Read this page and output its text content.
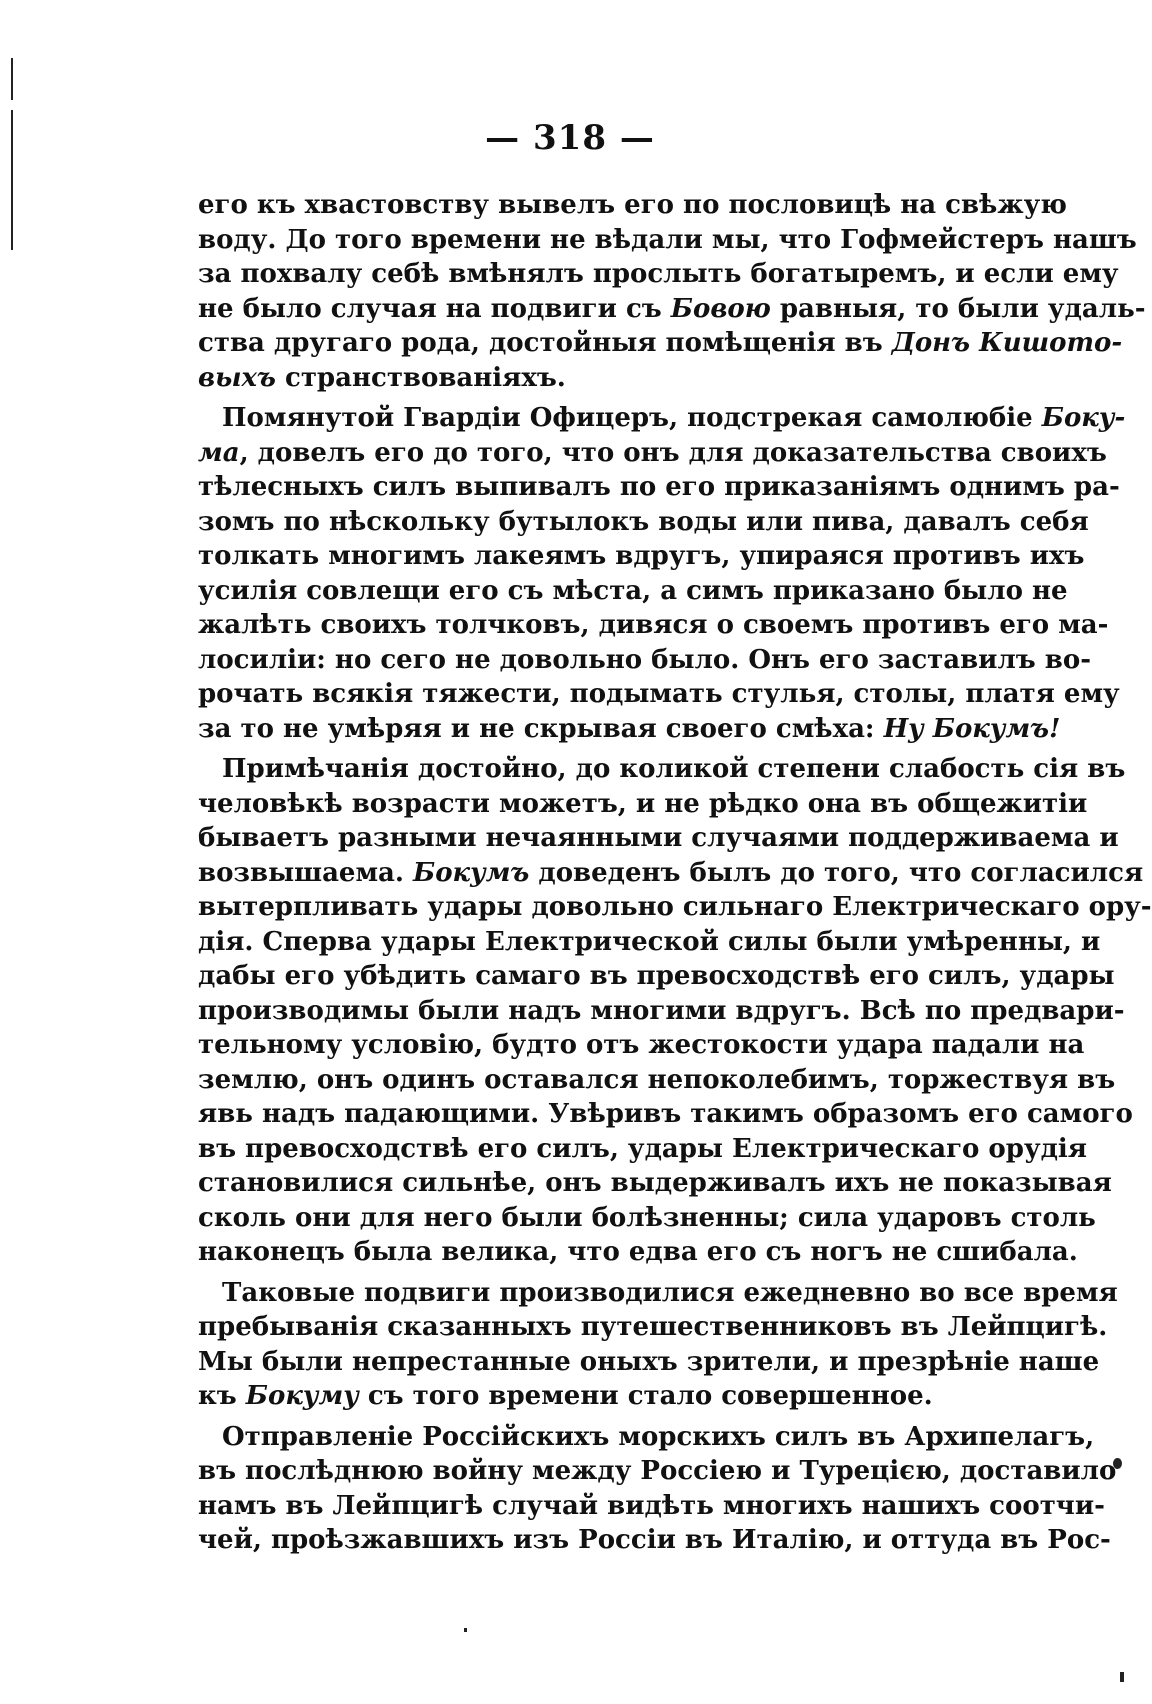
— 318 —
его къ хвастовству вывелъ его по пословицѣ на свѣжую
воду. До того времени не вѣдали мы, что Гофмейстеръ нашъ
за похвалу себѣ вмѣнялъ прослыть богатыремъ, и если ему
не было случая на подвиги съ Бовою равныя, то были удаль-
ства другаго рода, достойныя помѣщенія въ Донъ Кишото-
выхъ странствованіяхъ.
Помянутой Гвардіи Офицеръ, подстрекая самолюбіе Боку-
ма, довелъ его до того, что онъ для доказательства своихъ
тѣлесныхъ силъ выпивалъ по его приказаніямъ однимъ ра-
зомъ по нѣскольку бутылокъ воды или пива, давалъ себя
толкать многимъ лакеямъ вдругъ, упираяся противъ ихъ
усилія совлещи его съ мѣста, а симъ приказано было не
жалѣть своихъ толчковъ, дивяся о своемъ противъ его ма-
лосиліи: но сего не довольно было. Онъ его заставилъ во-
рочать всякія тяжести, подымать стулья, столы, платя ему
за то не умѣряя и не скрывая своего смѣха: Ну Бокумъ!
Примѣчанія достойно, до коликой степени слабость сія въ
человѣкѣ возрасти можетъ, и не рѣдко она въ общежитіи
бываетъ разными нечаянными случаями поддерживаема и
возвышаема. Бокумъ доведенъ былъ до того, что согласился
вытерпливать удары довольно сильнаго Електрическаго ору-
дія. Сперва удары Електрической силы были умѣренны, и
дабы его убѣдить самаго въ превосходствѣ его силъ, удары
производимы были надъ многими вдругъ. Всѣ по предвари-
тельному условію, будто отъ жестокости удара падали на
землю, онъ одинъ оставался непоколебимъ, торжествуя въ
явь надъ падающими. Увѣривъ такимъ образомъ его самого
въ превосходствѣ его силъ, удары Електрическаго орудія
становилися сильнѣе, онъ выдерживалъ ихъ не показывая
сколь они для него были болѣзненны; сила ударовъ столь
наконецъ была велика, что едва его съ ногъ не сшибала.
Таковые подвиги производилися ежедневно во все время
пребыванія сказанныхъ путешественниковъ въ Лейпцигѣ.
Мы были непрестанные оныхъ зрители, и презрѣніе наше
къ Бокуму съ того времени стало совершенное.
Отправленіе Россійскихъ морскихъ силъ въ Архипелагъ,
въ послѣднюю войну между Россіею и Турецією, доставило
намъ въ Лейпцигѣ случай видѣть многихъ нашихъ соотчи-
чей, проѣзжавшихъ изъ Россіи въ Италію, и оттуда въ Рос-
